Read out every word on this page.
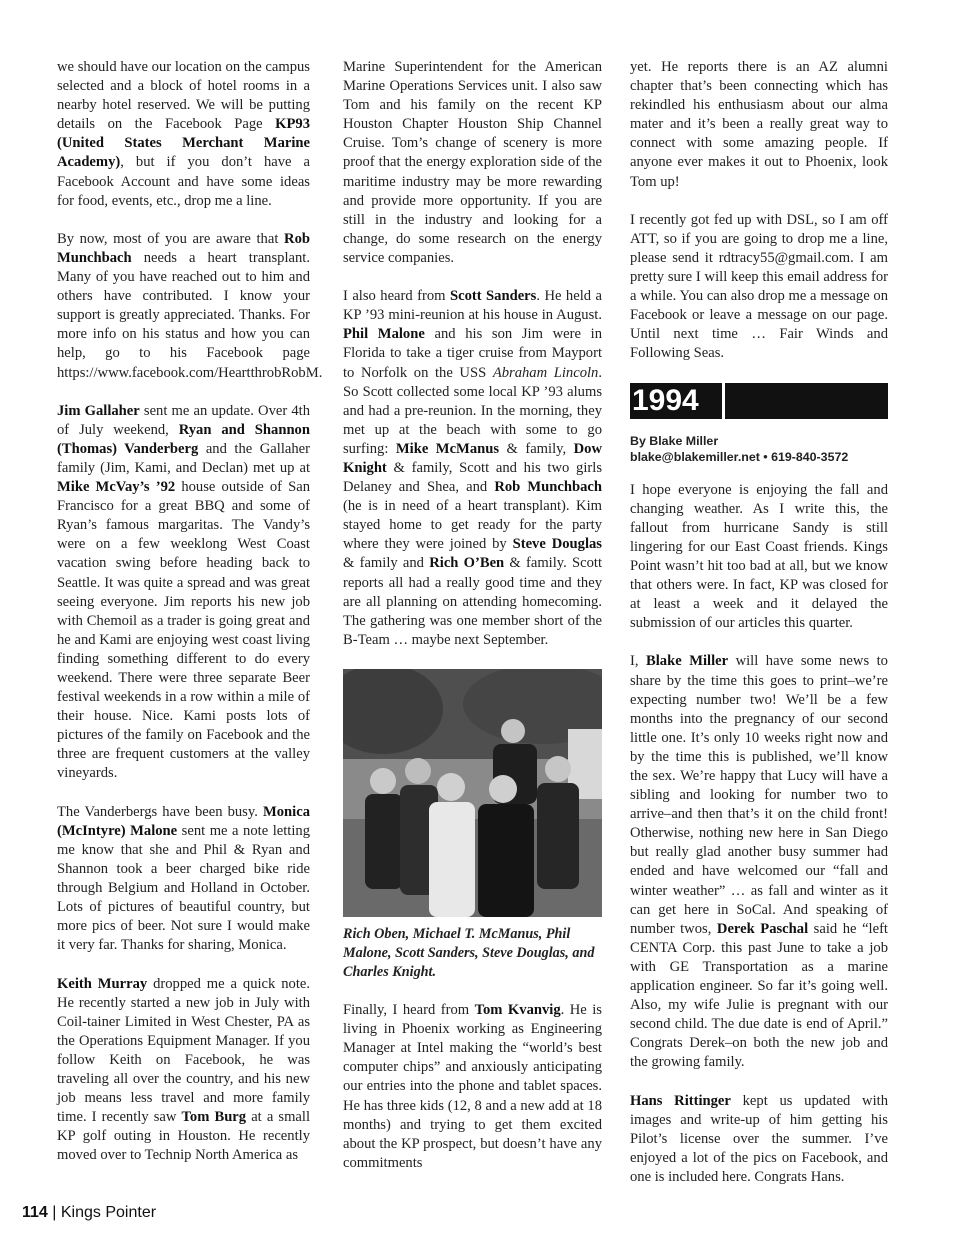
we should have our location on the campus selected and a block of hotel rooms in a nearby hotel reserved. We will be putting details on the Facebook Page KP93 (United States Merchant Marine Academy), but if you don’t have a Facebook Account and have some ideas for food, events, etc., drop me a line.

By now, most of you are aware that Rob Munchbach needs a heart transplant. Many of you have reached out to him and others have contributed. I know your support is greatly appreciated. Thanks. For more info on his status and how you can help, go to his Facebook page https://www.facebook.com/HeartthrobRobM.

Jim Gallaher sent me an update. Over 4th of July weekend, Ryan and Shannon (Thomas) Vanderberg and the Gallaher family (Jim, Kami, and Declan) met up at Mike McVay’s ’92 house outside of San Francisco for a great BBQ and some of Ryan’s famous margaritas. The Vandy’s were on a few weeklong West Coast vacation swing before heading back to Seattle. It was quite a spread and was great seeing everyone. Jim reports his new job with Chemoil as a trader is going great and he and Kami are enjoying west coast living finding something different to do every weekend. There were three separate Beer festival weekends in a row within a mile of their house. Nice. Kami posts lots of pictures of the family on Facebook and the three are frequent customers at the valley vineyards.

The Vanderbergs have been busy. Monica (McIntyre) Malone sent me a note letting me know that she and Phil & Ryan and Shannon took a beer charged bike ride through Belgium and Holland in October. Lots of pictures of beautiful country, but more pics of beer. Not sure I would make it very far. Thanks for sharing, Monica.

Keith Murray dropped me a quick note. He recently started a new job in July with Coil-tainer Limited in West Chester, PA as the Operations Equipment Manager. If you follow Keith on Facebook, he was traveling all over the country, and his new job means less travel and more family time. I recently saw Tom Burg at a small KP golf outing in Houston. He recently moved over to Technip North America as

Marine Superintendent for the American Marine Operations Services unit. I also saw Tom and his family on the recent KP Houston Chapter Houston Ship Channel Cruise. Tom’s change of scenery is more proof that the energy exploration side of the maritime industry may be more rewarding and provide more opportunity. If you are still in the industry and looking for a change, do some research on the energy service companies.

I also heard from Scott Sanders. He held a KP ’93 mini-reunion at his house in August. Phil Malone and his son Jim were in Florida to take a tiger cruise from Mayport to Norfolk on the USS Abraham Lincoln. So Scott collected some local KP ’93 alums and had a pre-reunion. In the morning, they met up at the beach with some to go surfing: Mike McManus & family, Dow Knight & family, Scott and his two girls Delaney and Shea, and Rob Munchbach (he is in need of a heart transplant). Kim stayed home to get ready for the party where they were joined by Steve Douglas & family and Rich O’Ben & family. Scott reports all had a really good time and they are all planning on attending homecoming. The gathering was one member short of the B-Team … maybe next September.

Rich Oben, Michael T. McManus, Phil Malone, Scott Sanders, Steve Douglas, and Charles Knight.

Finally, I heard from Tom Kvanvig. He is living in Phoenix working as Engineering Manager at Intel making the “world’s best computer chips” and anxiously anticipating our entries into the phone and tablet spaces. He has three kids (12, 8 and a new add at 18 months) and trying to get them excited about the KP prospect, but doesn’t have any commitments

yet. He reports there is an AZ alumni chapter that’s been connecting which has rekindled his enthusiasm about our alma mater and it’s been a really great way to connect with some amazing people. If anyone ever makes it out to Phoenix, look Tom up!

I recently got fed up with DSL, so I am off ATT, so if you are going to drop me a line, please send it rdtracy55@gmail.com. I am pretty sure I will keep this email address for a while. You can also drop me a message on Facebook or leave a message on our page. Until next time … Fair Winds and Following Seas.

1994
By Blake Miller
blake@blakemiller.net • 619-840-3572

I hope everyone is enjoying the fall and changing weather. As I write this, the fallout from hurricane Sandy is still lingering for our East Coast friends. Kings Point wasn’t hit too bad at all, but we know that others were. In fact, KP was closed for at least a week and it delayed the submission of our articles this quarter.

I, Blake Miller will have some news to share by the time this goes to print–we’re expecting number two! We’ll be a few months into the pregnancy of our second little one. It’s only 10 weeks right now and by the time this is published, we’ll know the sex. We’re happy that Lucy will have a sibling and looking for number two to arrive–and then that’s it on the child front! Otherwise, nothing new here in San Diego but really glad another busy summer had ended and have welcomed our “fall and winter weather” … as fall and winter as it can get here in SoCal. And speaking of number twos, Derek Paschal said he “left CENTA Corp. this past June to take a job with GE Transportation as a marine application engineer. So far it’s going well. Also, my wife Julie is pregnant with our second child. The due date is end of April.” Congrats Derek–on both the new job and the growing family.

Hans Rittinger kept us updated with images and write-up of him getting his Pilot’s license over the summer. I’ve enjoyed a lot of the pics on Facebook, and one is included here. Congrats Hans.

114 | Kings Pointer
